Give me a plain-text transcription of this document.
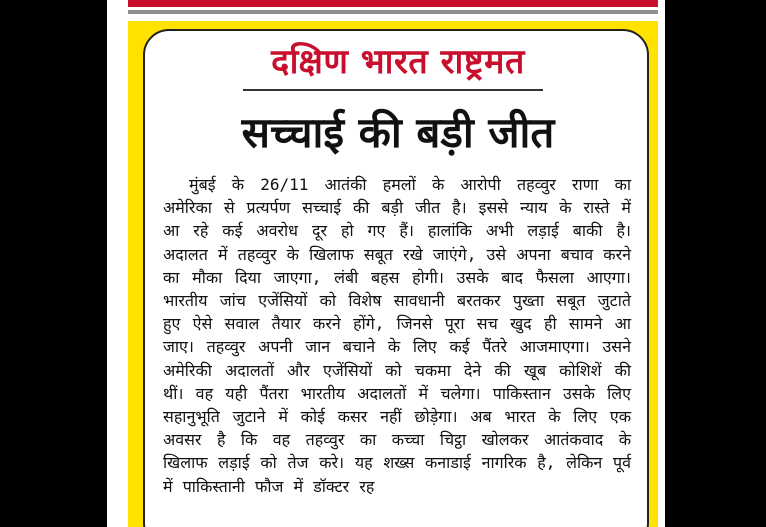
दक्षिण भारत राष्ट्रमत
सच्चाई की बड़ी जीत

मुंबई के 26/11 आतंकी हमलों के आरोपी तहव्वुर राणा का अमेरिका से प्रत्यर्पण सच्चाई की बड़ी जीत है। इससे न्याय के रास्ते में आ रहे कई अवरोध दूर हो गए हैं। हालांकि अभी लड़ाई बाकी है। अदालत में तहव्वुर के खिलाफ सबूत रखे जाएंगे, उसे अपना बचाव करने का मौका दिया जाएगा, लंबी बहस होगी। उसके बाद फैसला आएगा। भारतीय जांच एजेंसियों को विशेष सावधानी बरतकर पुख्ता सबूत जुटाते हुए ऐसे सवाल तैयार करने होंगे, जिनसे पूरा सच खुद ही सामने आ जाए। तहव्वुर अपनी जान बचाने के लिए कई पैंतरे आजमाएगा। उसने अमेरिकी अदालतों और एजेंसियों को चकमा देने की खूब कोशिशें की थीं। वह यही पैंतरा भारतीय अदालतों में चलेगा। पाकिस्तान उसके लिए सहानुभूति जुटाने में कोई कसर नहीं छोड़ेगा। अब भारत के लिए एक अवसर है कि वह तहव्वुर का कच्चा चिट्ठा खोलकर आतंकवाद के खिलाफ लड़ाई को तेज करे। यह शख्स कनाडाई नागरिक है, लेकिन पूर्व में पाकिस्तानी फौज में डॉक्टर रह
